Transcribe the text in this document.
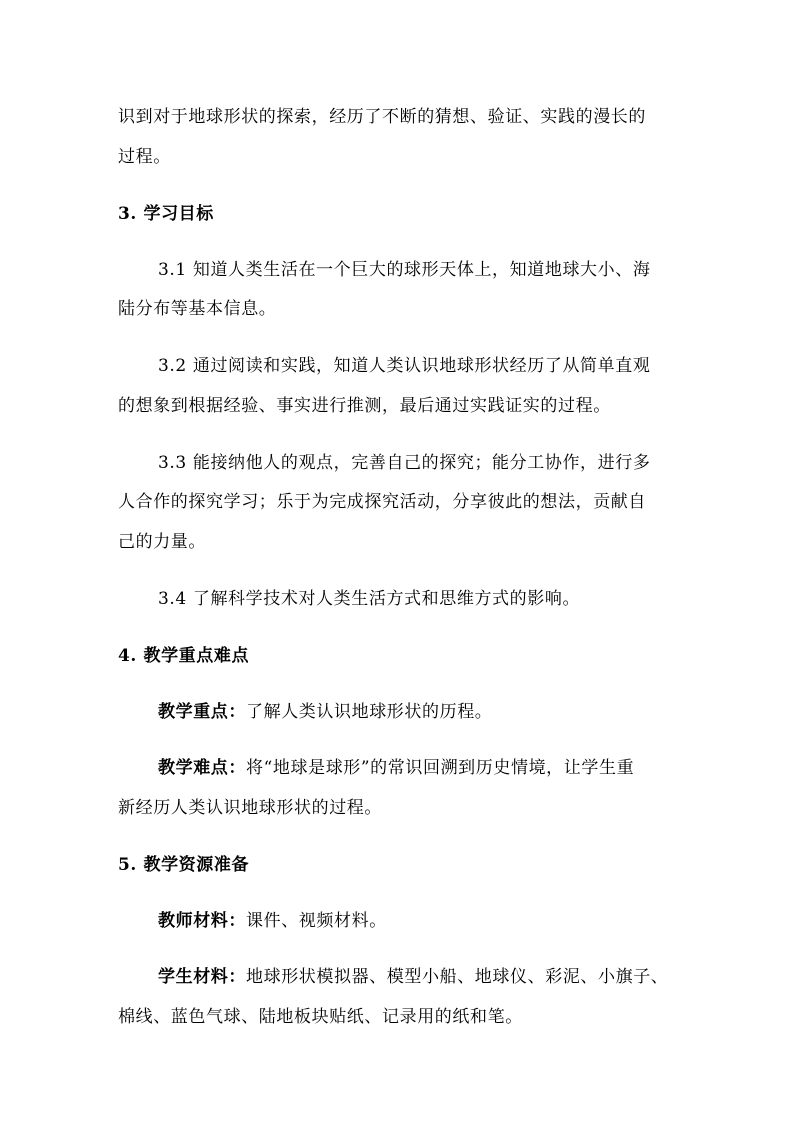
识到对于地球形状的探索，经历了不断的猜想、验证、实践的漫长的
过程。
3. 学习目标
3.1 知道人类生活在一个巨大的球形天体上，知道地球大小、海
陆分布等基本信息。
3.2 通过阅读和实践，知道人类认识地球形状经历了从简单直观
的想象到根据经验、事实进行推测，最后通过实践证实的过程。
3.3 能接纳他人的观点，完善自己的探究；能分工协作，进行多
人合作的探究学习；乐于为完成探究活动，分享彼此的想法，贡献自
己的力量。
3.4 了解科学技术对人类生活方式和思维方式的影响。
4. 教学重点难点
教学重点：了解人类认识地球形状的历程。
教学难点：将“地球是球形”的常识回溯到历史情境，让学生重
新经历人类认识地球形状的过程。
5. 教学资源准备
教师材料：课件、视频材料。
学生材料：地球形状模拟器、模型小船、地球仪、彩泥、小旗子、
棉线、蓝色气球、陆地板块贴纸、记录用的纸和笔。
